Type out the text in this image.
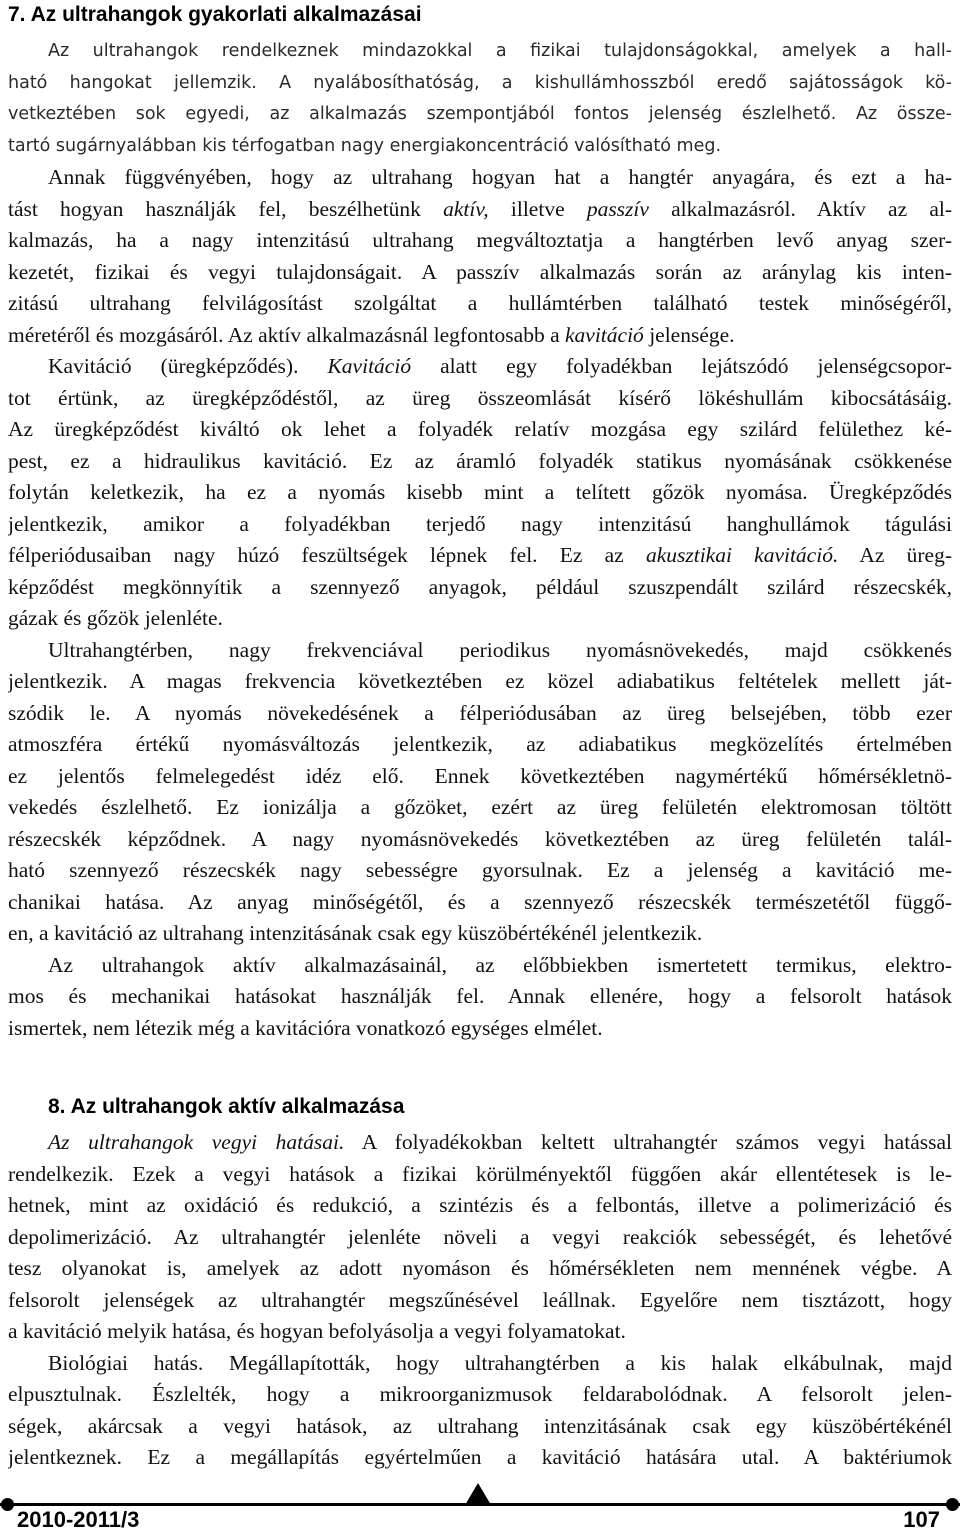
7. Az ultrahangok gyakorlati alkalmazásai
Az ultrahangok rendelkeznek mindazokkal a fizikai tulajdonságokkal, amelyek a hall-
ható hangokat jellemzik. A nyalábosíthatóság, a kishullámhosszból eredő sajátosságok kö-
vetkeztében sok egyedi, az alkalmazás szempontjából fontos jelenség észlelhető. Az össze-
tartó sugárnyalábban kis térfogatban nagy energiakoncentráció valósítható meg.
Annak függvényében, hogy az ultrahang hogyan hat a hangtér anyagára, és ezt a ha-
tást hogyan használják fel, beszélhetünk aktív, illetve passzív alkalmazásról. Aktív az al-
kalmazás, ha a nagy intenzitású ultrahang megváltoztatja a hangtérben levő anyag szer-
kezetét, fizikai és vegyi tulajdonságait. A passzív alkalmazás során az aránylag kis inten-
zitású ultrahang felvilágosítást szolgáltat a hullámtérben található testek minőségéről,
méretéről és mozgásáról. Az aktív alkalmazásnál legfontosabb a kavitáció jelensége.
Kavitáció (üregképződés). Kavitáció alatt egy folyadékban lejátszódó jelenségcsopor-
tot értünk, az üregképződéstől, az üreg összeomlását kísérő lökéshullám kibocsátásáig.
Az üregképződést kiváltó ok lehet a folyadék relatív mozgása egy szilárd felülethez ké-
pest, ez a hidraulikus kavitáció. Ez az áramló folyadék statikus nyomásának csökkenése
folytán keletkezik, ha ez a nyomás kisebb mint a telített gőzök nyomása. Üregképződés
jelentkezik, amikor a folyadékban terjedő nagy intenzitású hanghullámok tágulási
félperiódusaiban nagy húzó feszültségek lépnek fel. Ez az akusztikai kavitáció. Az üreg-
képződést megkönnyítik a szennyező anyagok, például szuszpendált szilárd részecskék,
gázak és gőzök jelenléte.
Ultrahangtérben, nagy frekvenciával periodikus nyomásnövekedés, majd csökkenés
jelentkezik. A magas frekvencia következtében ez közel adiabatikus feltételek mellett ját-
szódik le. A nyomás növekedésének a félperiódusában az üreg belsejében, több ezer
atmoszféra értékű nyomásváltozás jelentkezik, az adiabatikus megközelítés értelmében
ez jelentős felmelegedést idéz elő. Ennek következtében nagymértékű hőmérsékletnö-
vekedés észlelhető. Ez ionizálja a gőzöket, ezért az üreg felületén elektromosan töltött
részecskék képződnek. A nagy nyomásnövekedés következtében az üreg felületén talál-
ható szennyező részecskék nagy sebességre gyorsulnak. Ez a jelenség a kavitáció me-
chanikai hatása. Az anyag minőségétől, és a szennyező részecskék természetétől függő-
en, a kavitáció az ultrahang intenzitásának csak egy küszöbértékénél jelentkezik.
Az ultrahangok aktív alkalmazásainál, az előbbiekben ismertetett termikus, elektro-
mos és mechanikai hatásokat használják fel. Annak ellenére, hogy a felsorolt hatások
ismertek, nem létezik még a kavitációra vonatkozó egységes elmélet.
8. Az ultrahangok aktív alkalmazása
Az ultrahangok vegyi hatásai. A folyadékokban keltett ultrahangtér számos vegyi hatással
rendelkezik. Ezek a vegyi hatások a fizikai körülményektől függően akár ellentétesek is le-
hetnek, mint az oxidáció és redukció, a szintézis és a felbontás, illetve a polimerizáció és
depolimerizáció. Az ultrahangtér jelenléte növeli a vegyi reakciók sebességét, és lehetővé
tesz olyanokat is, amelyek az adott nyomáson és hőmérsékleten nem mennének végbe. A
felsorolt jelenségek az ultrahangtér megszűnésével leállnak. Egyelőre nem tisztázott, hogy
a kavitáció melyik hatása, és hogyan befolyásolja a vegyi folyamatokat.
Biológiai hatás. Megállapították, hogy ultrahangtérben a kis halak elkábulnak, majd
elpusztulnak. Észlelték, hogy a mikroorganizmusok feldarabolódnak. A felsorolt jelen-
ségek, akárcsak a vegyi hatások, az ultrahang intenzitásának csak egy küszöbértékénél
jelentkeznek. Ez a megállapítás egyértelműen a kavitáció hatására utal. A baktériumok
2010-2011/3	107
